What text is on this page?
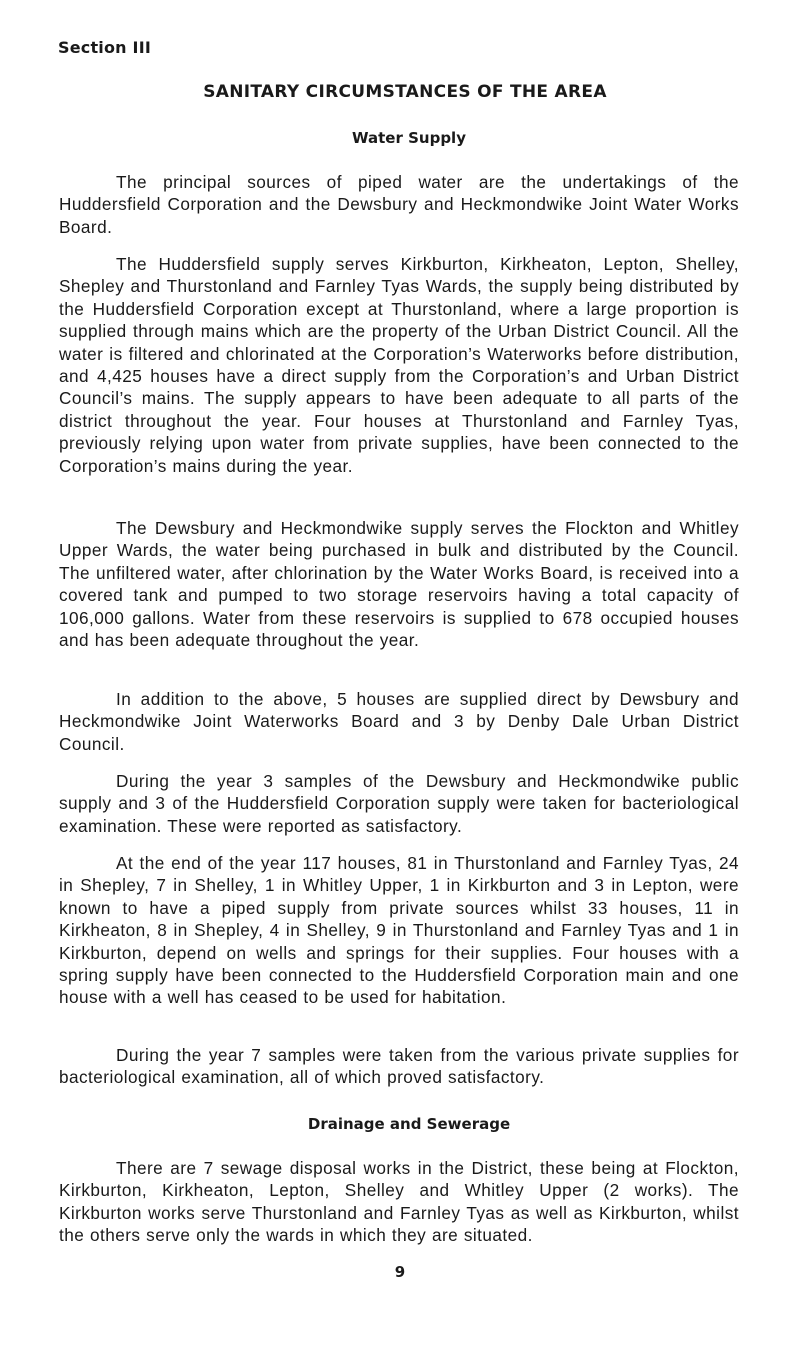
Section III
SANITARY CIRCUMSTANCES OF THE AREA
Water Supply

The principal sources of piped water are the undertakings of the Huddersfield Corporation and the Dewsbury and Heckmondwike Joint Water Works Board.

The Huddersfield supply serves Kirkburton, Kirkheaton, Lepton, Shelley, Shepley and Thurstonland and Farnley Tyas Wards, the supply being distributed by the Huddersfield Corporation except at Thurstonland, where a large proportion is supplied through mains which are the property of the Urban District Council. All the water is filtered and chlorinated at the Corporation’s Waterworks before distribution, and 4,425 houses have a direct supply from the Corporation’s and Urban District Council’s mains. The supply appears to have been adequate to all parts of the district throughout the year. Four houses at Thurstonland and Farnley Tyas, previously relying upon water from private supplies, have been connected to the Corporation’s mains during the year.

The Dewsbury and Heckmondwike supply serves the Flockton and Whitley Upper Wards, the water being purchased in bulk and distributed by the Council. The unfiltered water, after chlorination by the Water Works Board, is received into a covered tank and pumped to two storage reservoirs having a total capacity of 106,000 gallons. Water from these reservoirs is supplied to 678 occupied houses and has been adequate throughout the year.

In addition to the above, 5 houses are supplied direct by Dewsbury and Heckmondwike Joint Waterworks Board and 3 by Denby Dale Urban District Council.

During the year 3 samples of the Dewsbury and Heckmondwike public supply and 3 of the Huddersfield Corporation supply were taken for bacteriological examination. These were reported as satisfactory.

At the end of the year 117 houses, 81 in Thurstonland and Farnley Tyas, 24 in Shepley, 7 in Shelley, 1 in Whitley Upper, 1 in Kirkburton and 3 in Lepton, were known to have a piped supply from private sources whilst 33 houses, 11 in Kirkheaton, 8 in Shepley, 4 in Shelley, 9 in Thurstonland and Farnley Tyas and 1 in Kirkburton, depend on wells and springs for their supplies. Four houses with a spring supply have been connected to the Huddersfield Corporation main and one house with a well has ceased to be used for habitation.

During the year 7 samples were taken from the various private supplies for bacteriological examination, all of which proved satisfactory.

Drainage and Sewerage

There are 7 sewage disposal works in the District, these being at Flockton, Kirkburton, Kirkheaton, Lepton, Shelley and Whitley Upper (2 works). The Kirkburton works serve Thurstonland and Farnley Tyas as well as Kirkburton, whilst the others serve only the wards in which they are situated.

9
